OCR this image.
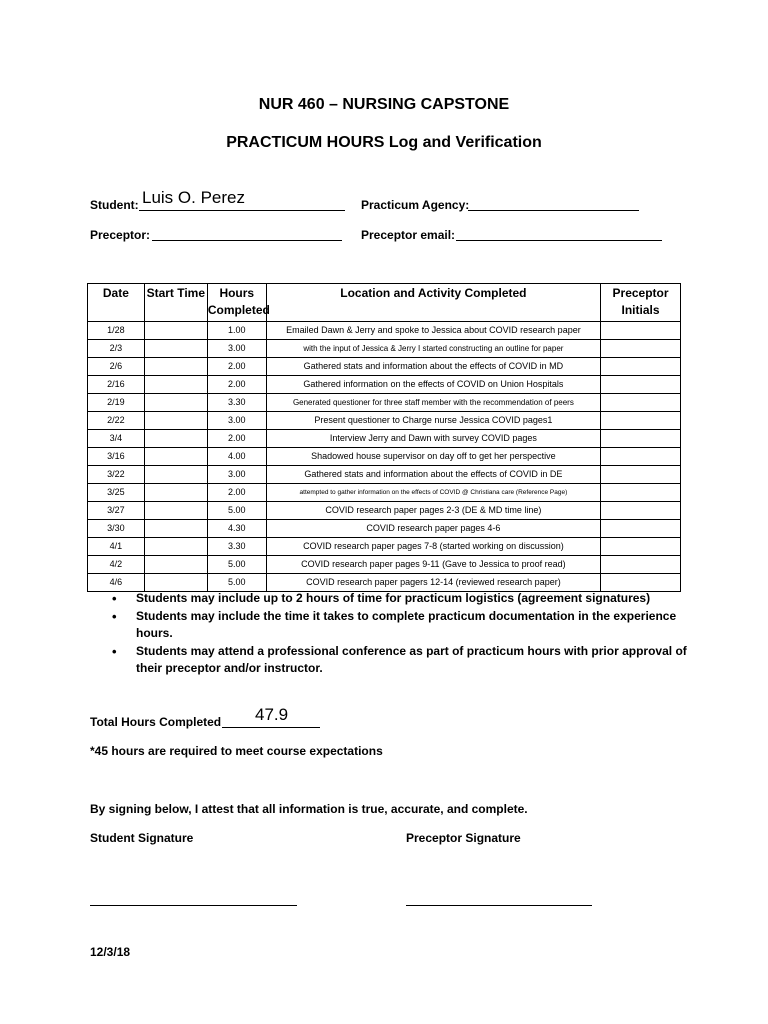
NUR 460 – NURSING CAPSTONE
PRACTICUM HOURS Log and Verification
Student: Luis O. Perez	Practicum Agency:
Preceptor:	Preceptor email:
Date	Start Time	Hours Completed	Location and Activity Completed	Preceptor Initials
1/28		1.00	Emailed Dawn & Jerry and spoke to Jessica about COVID research paper	
2/3		3.00	with the input of Jessica & Jerry I started constructing an outline for paper	
2/6		2.00	Gathered stats and information about the effects of COVID in MD	
2/16		2.00	Gathered information on the effects of COVID on Union Hospitals	
2/19		3.30	Generated questioner for three staff member with the recommendation of peers	
2/22		3.00	Present questioner to Charge nurse Jessica COVID pages1	
3/4		2.00	Interview Jerry and Dawn with survey COVID pages	
3/16		4.00	Shadowed house supervisor on day off to get her perspective	
3/22		3.00	Gathered stats and information about the effects of COVID in DE	
3/25		2.00	attempted to gather information on the effects of COVID @ Christiana care (Reference Page)	
3/27		5.00	COVID research paper pages 2-3 (DE & MD time line)	
3/30		4.30	COVID research paper pages 4-6	
4/1		3.30	COVID research paper pages 7-8 (started working on discussion)	
4/2		5.00	COVID research paper pages 9-11 (Gave to Jessica to proof read)	
4/6		5.00	COVID research paper pagers 12-14 (reviewed research paper)	
• Students may include up to 2 hours of time for practicum logistics (agreement signatures)
• Students may include the time it takes to complete practicum documentation in the experience hours.
• Students may attend a professional conference as part of practicum hours with prior approval of their preceptor and/or instructor.
Total Hours Completed 47.9
*45 hours are required to meet course expectations
By signing below, I attest that all information is true, accurate, and complete.
Student Signature	Preceptor Signature
12/3/18
